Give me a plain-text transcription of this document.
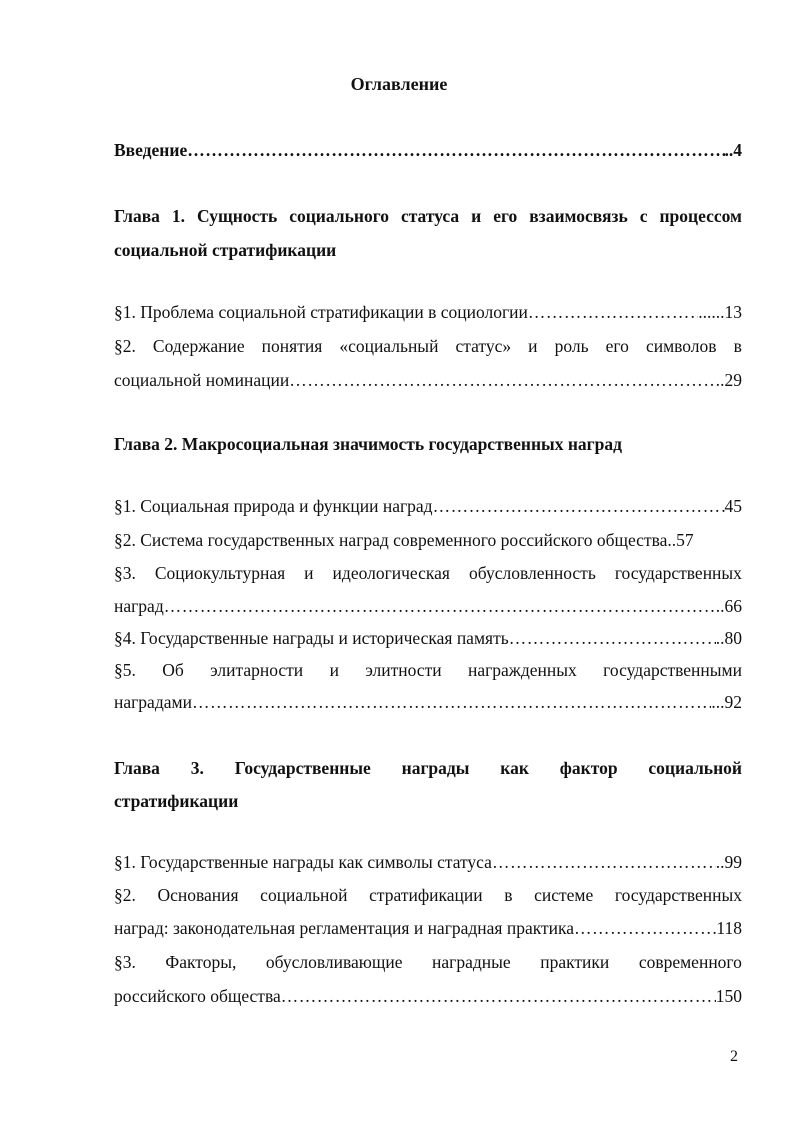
Оглавление
Введение …………………………………………………………………………………………………………………………………………………………	..4
Глава 1. Сущность социального статуса и его взаимосвязь с процессом
социальной стратификации
§1. Проблема социальной стратификации в социологии …………………………………………………………………………………………………………………………………………………………	......13
§2. Содержание понятия «социальный статус» и роль его символов в
социальной номинации …………………………………………………………………………………………………………………………………………………………	.29
Глава 2. Макросоциальная значимость государственных наград
§1. Социальная природа и функции наград …………………………………………………………………………………………………………………………………………………………	45
§2. Система государственных наград современного российского общества ..57
§3. Социокультурная и идеологическая обусловленность государственных
наград …………………………………………………………………………………………………………………………………………………………	..66
§4. Государственные награды и историческая память …………………………………………………………………………………………………………………………………………………………	..80
§5. Об элитарности и элитности награжденных государственными
наградами …………………………………………………………………………………………………………………………………………………………	...92
Глава 3. Государственные награды как фактор социальной
стратификации
§1. Государственные награды как символы статуса …………………………………………………………………………………………………………………………………………………………	..99
§2. Основания социальной стратификации в системе государственных
наград: законодательная регламентация и наградная практика …………………………………………………………………………………………………………………………………………………………	118
§3. Факторы, обусловливающие наградные практики современного
российского общества …………………………………………………………………………………………………………………………………………………………	150
2
